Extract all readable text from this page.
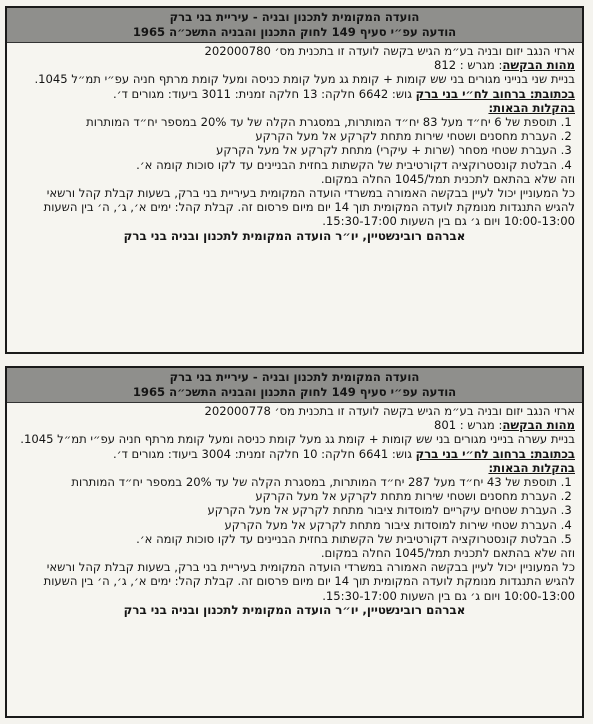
הועדה המקומית לתכנון ובניה - עיריית בני ברק
הודעה עפ״י סעיף 149 לחוק התכנון והבניה התשכ״ה 1965
ארזי הנגב יזום ובניה בע״מ הגיש בקשה לועדה זו בתכנית מס׳ 202000780
מהות הבקשה: מגרש : 812
בניית שני בנייני מגורים בני שש קומות + קומת גג מעל קומת כניסה ומעל קומת מרתף חניה עפ״י תמ״ל 1045.
בכתובת: ברחוב לח״י בני ברק גוש: 6642 חלקה: 13 חלקה זמנית: 3011 ביעוד: מגורים ד׳.
בהקלות הבאות:
1. תוספת של 6 יח״ד מעל 83 יח״ד המותרות, במסגרת הקלה של עד 20% במספר יח״ד המותרות
2. העברת מחסנים ושטחי שירות מתחת לקרקע אל מעל הקרקע
3. העברת שטחי מסחר (שרות + עיקרי) מתחת לקרקע אל מעל הקרקע
4. הבלטת קונסטרוקציה דקורטיבית של הקשתות בחזית הבניינים עד לקו סוכות קומה א׳.
וזה שלא בהתאם לתכנית תמל/1045 החלה במקום.
כל המעוניין יכול לעיין בבקשה האמורה במשרדי הועדה המקומית בעיריית בני ברק, בשעות קבלת קהל ורשאי להגיש התנגדות מנומקת לועדה המקומית תוך 14 יום מיום פרסום זה. קבלת קהל: ימים א׳, ג׳, ה׳ בין השעות 10:00-13:00 ויום ג׳ גם בין השעות 15:30-17:00.
אברהם רובינשטיין, יו״ר הועדה המקומית לתכנון ובניה בני ברק
הועדה המקומית לתכנון ובניה - עיריית בני ברק
הודעה עפ״י סעיף 149 לחוק התכנון והבניה התשכ״ה 1965
ארזי הנגב יזום ובניה בע״מ הגיש בקשה לועדה זו בתכנית מס׳ 202000778
מהות הבקשה: מגרש : 801
בניית עשרה בנייני מגורים בני שש קומות + קומת גג מעל קומת כניסה ומעל קומת מרתף חניה עפ״י תמ״ל 1045.
בכתובת: ברחוב לח״י בני ברק גוש: 6641 חלקה: 10 חלקה זמנית: 3004 ביעוד: מגורים ד׳.
בהקלות הבאות:
1. תוספת של 43 יח״ד מעל 287 יח״ד המותרות, במסגרת הקלה של עד 20% במספר יח״ד המותרות
2. העברת מחסנים ושטחי שירות מתחת לקרקע אל מעל הקרקע
3. העברת שטחים עיקריים למוסדות ציבור מתחת לקרקע אל מעל הקרקע
4. העברת שטחי שירות למוסדות ציבור מתחת לקרקע אל מעל הקרקע
5. הבלטת קונסטרוקציה דקורטיבית של הקשתות בחזית הבניינים עד לקו סוכות קומה א׳.
וזה שלא בהתאם לתכנית תמל/1045 החלה במקום.
כל המעוניין יכול לעיין בבקשה האמורה במשרדי הועדה המקומית בעיריית בני ברק, בשעות קבלת קהל ורשאי להגיש התנגדות מנומקת לועדה המקומית תוך 14 יום מיום פרסום זה. קבלת קהל: ימים א׳, ג׳, ה׳ בין השעות 10:00-13:00 ויום ג׳ גם בין השעות 15:30-17:00.
אברהם רובינשטיין, יו״ר הועדה המקומית לתכנון ובניה בני ברק
